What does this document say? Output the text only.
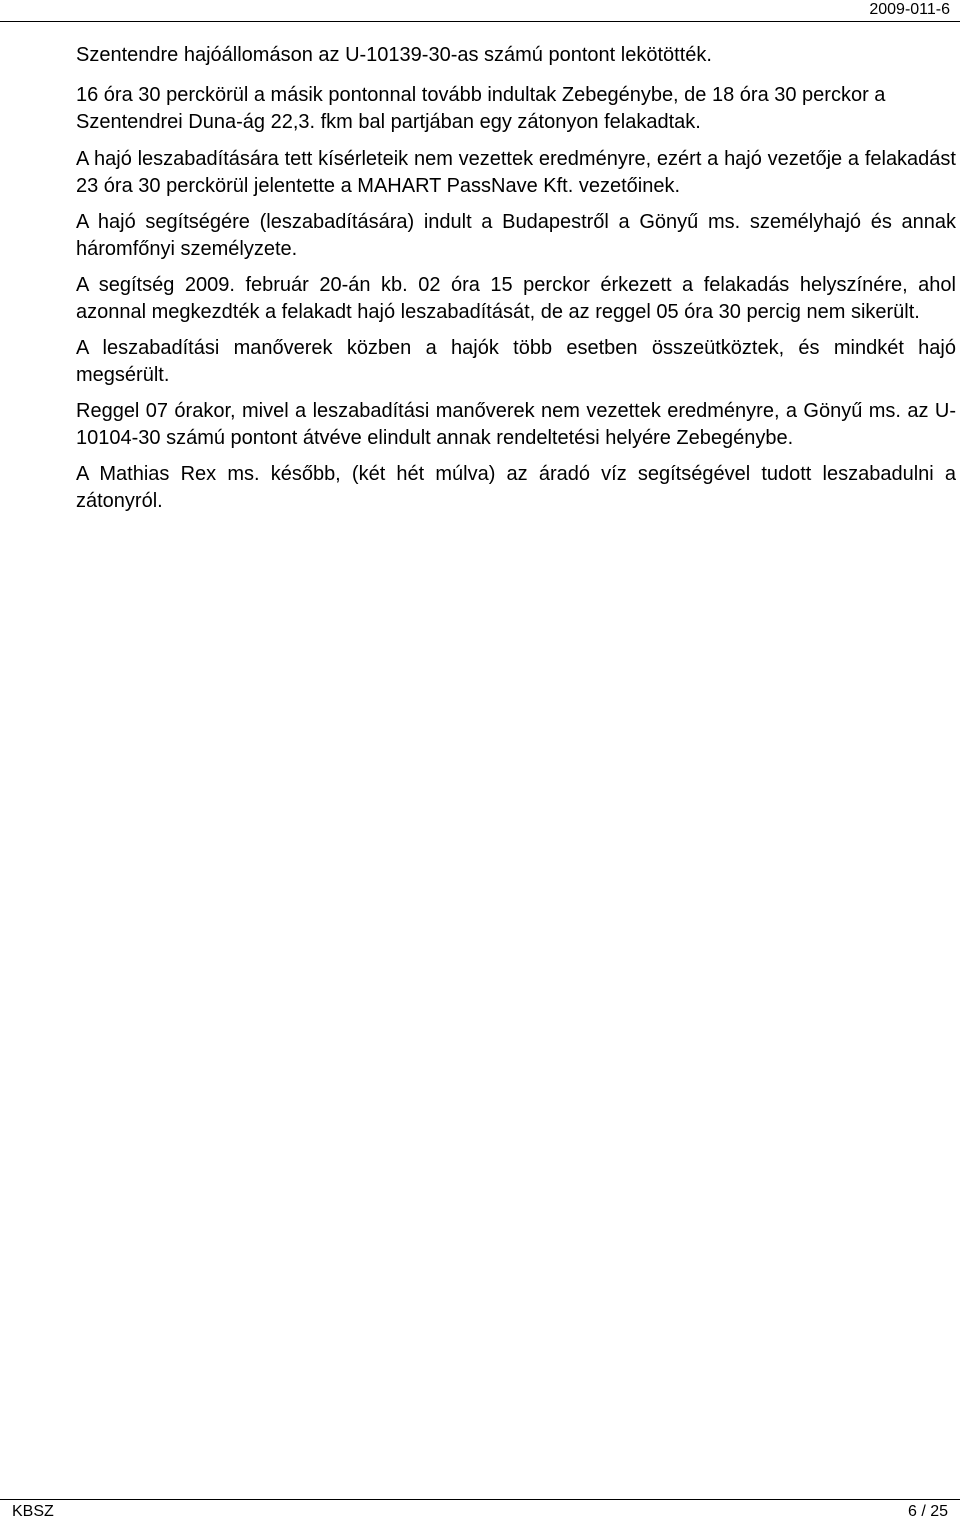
2009-011-6

Szentendre hajóállomáson az U-10139-30-as számú pontont lekötötték.

16 óra 30 perckörül a másik pontonnal tovább indultak Zebegénybe, de 18 óra 30 perckor a Szentendrei Duna-ág 22,3. fkm bal partjában egy zátonyon felakadtak.

A hajó leszabadítására tett kísérleteik nem vezettek eredményre, ezért a hajó vezetője a felakadást 23 óra 30 perckörül jelentette a MAHART PassNave Kft. vezetőinek.

A hajó segítségére (leszabadítására) indult a Budapestről a Gönyű ms. személyhajó és annak háromfőnyi személyzete.

A segítség 2009. február 20-án kb. 02 óra 15 perckor érkezett a felakadás helyszínére, ahol azonnal megkezdték a felakadt hajó leszabadítását, de az reggel 05 óra 30 percig nem sikerült.

A leszabadítási manőverek közben a hajók több esetben összeütköztek, és mindkét hajó megsérült.

Reggel 07 órakor, mivel a leszabadítási manőverek nem vezettek eredményre, a Gönyű ms. az U-10104-30 számú pontont átvéve elindult annak rendeltetési helyére Zebegénybe.

A Mathias Rex ms. később, (két hét múlva) az áradó víz segítségével tudott leszabadulni a zátonyról.

KBSZ	6 / 25
